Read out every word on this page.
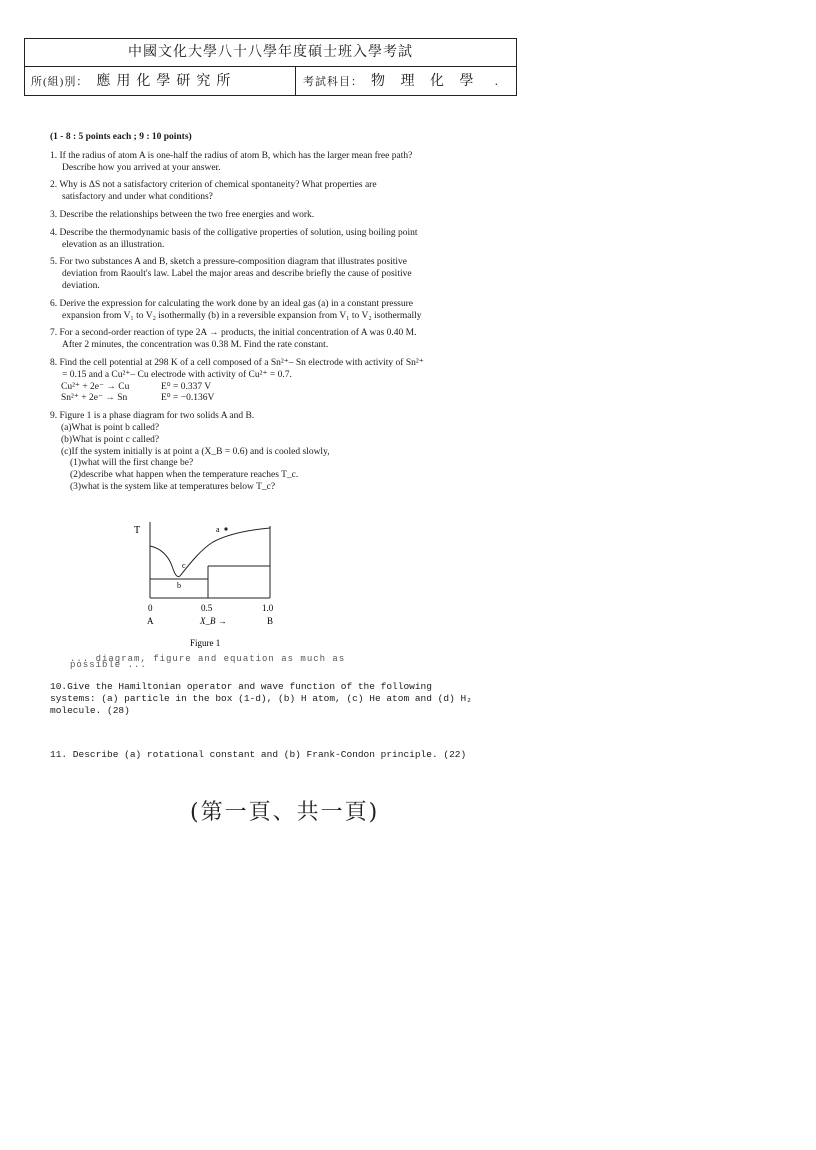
中國文化大學八十八學年度碩士班入學考試
所(組)別： 應用化學研究所	考試科目： 物 理 化 學 .
(1 - 8 : 5 points each ; 9 : 10 points)
1. If the radius of atom A is one-half the radius of atom B, which has the larger mean free path?
Describe how you arrived at your answer.
2. Why is ΔS not a satisfactory criterion of chemical spontaneity? What properties are
satisfactory and under what conditions?
3. Describe the relationships between the two free energies and work.
4. Describe the thermodynamic basis of the colligative properties of solution, using boiling point
elevation as an illustration.
5. For two substances A and B, sketch a pressure-composition diagram that illustrates positive
deviation from Raoult's law. Label the major areas and describe briefly the cause of positive
deviation.
6. Derive the expression for calculating the work done by an ideal gas (a) in a constant pressure
expansion from V₁ to V₂ isothermally (b) in a reversible expansion from V₁ to V₂ isothermally
7. For a second-order reaction of type 2A → products, the initial concentration of A was 0.40 M.
After 2 minutes, the concentration was 0.38 M. Find the rate constant.
8. Find the cell potential at 298 K of a cell composed of a Sn²⁺– Sn electrode with activity of Sn²⁺
= 0.15 and a Cu²⁺– Cu electrode with activity of Cu²⁺ = 0.7.
Cu²⁺ + 2e⁻ → Cu	E⁰ = 0.337 V
Sn²⁺ + 2e⁻ → Sn	E⁰ = −0.136V
9. Figure 1 is a phase diagram for two solids A and B.
(a)What is point b called?
(b)What is point c called?
(c)If the system initially is at point a (X_B = 0.6) and is cooled slowly,
(1)what will the first change be?
(2)describe what happen when the temperature reaches T_c.
(3)what is the system like at temperatures below T_c?
T	a
c
b
0	0.5	1.0
A	X_B →	B
Figure 1
... diagram, figure and equation as much as possible ...
10.Give the Hamiltonian operator and wave function of the following
systems: (a) particle in the box (1-d), (b) H atom, (c) He atom and (d) H₂
molecule. (28)
11. Describe (a) rotational constant and (b) Frank-Condon principle. (22)
(第一頁、共一頁)
